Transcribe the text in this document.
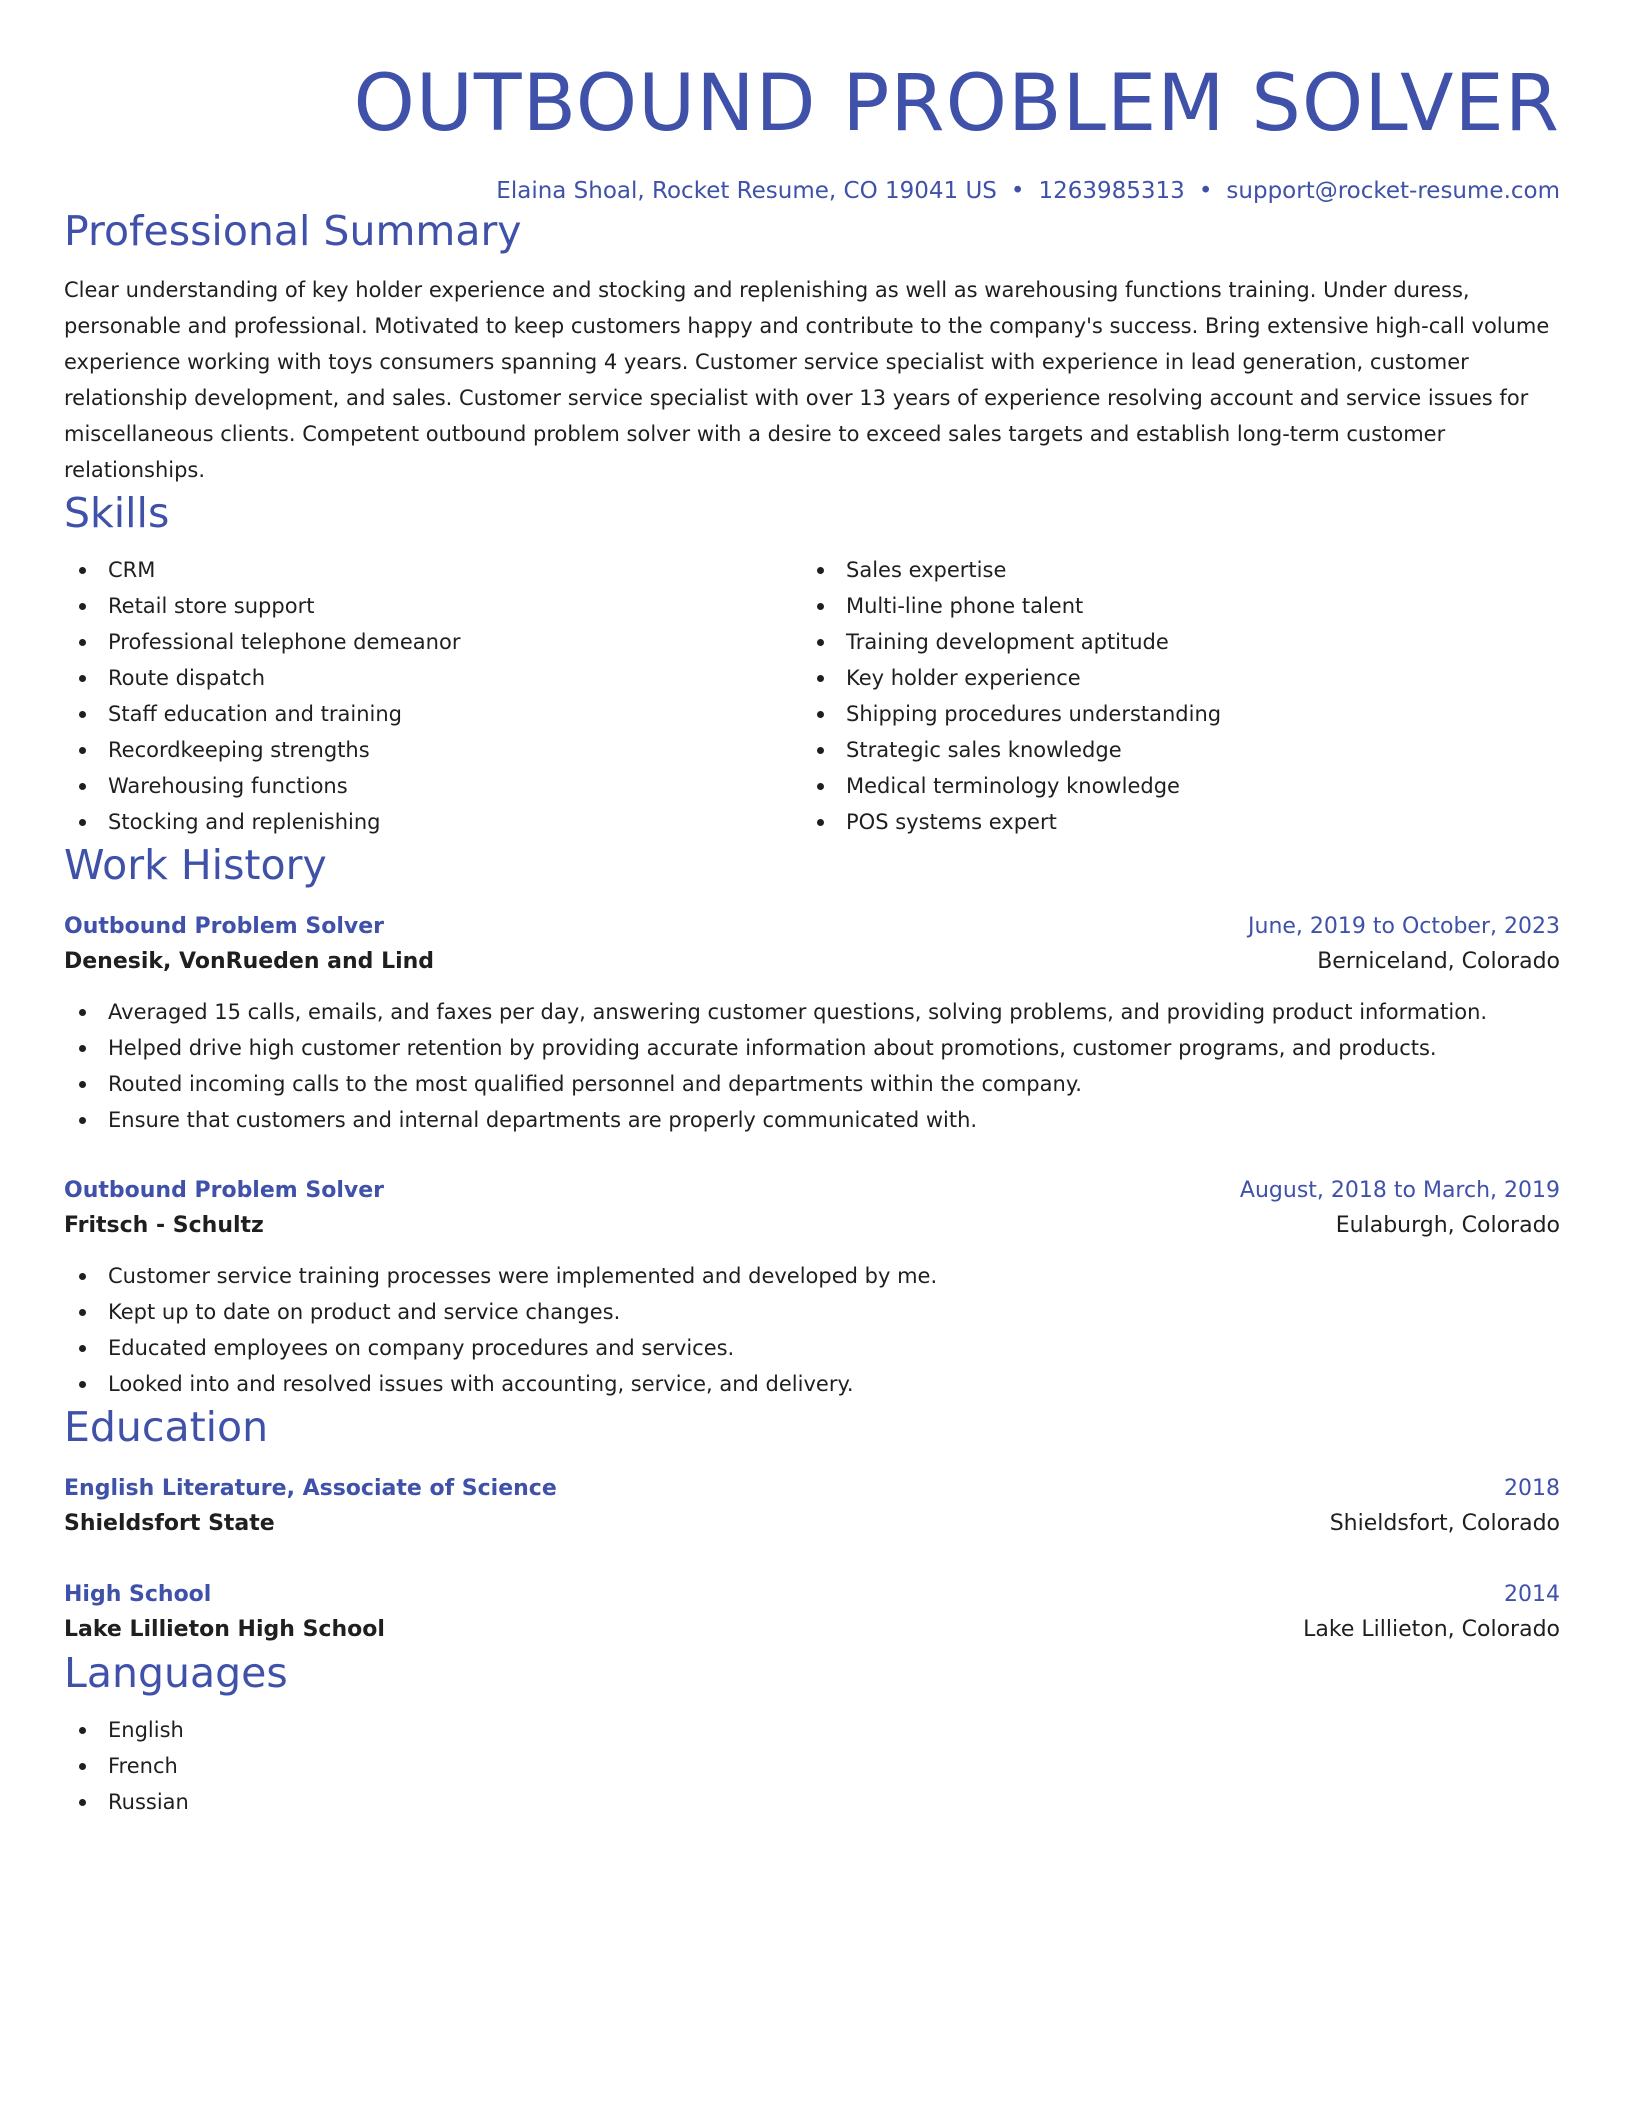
OUTBOUND PROBLEM SOLVER
Elaina Shoal, Rocket Resume, CO 19041 US • 1263985313 • support@rocket-resume.com
Professional Summary
Clear understanding of key holder experience and stocking and replenishing as well as warehousing functions training. Under duress, personable and professional. Motivated to keep customers happy and contribute to the company's success. Bring extensive high-call volume experience working with toys consumers spanning 4 years. Customer service specialist with experience in lead generation, customer relationship development, and sales. Customer service specialist with over 13 years of experience resolving account and service issues for miscellaneous clients. Competent outbound problem solver with a desire to exceed sales targets and establish long-term customer relationships.
Skills
CRM
Retail store support
Professional telephone demeanor
Route dispatch
Staff education and training
Recordkeeping strengths
Warehousing functions
Stocking and replenishing
Sales expertise
Multi-line phone talent
Training development aptitude
Key holder experience
Shipping procedures understanding
Strategic sales knowledge
Medical terminology knowledge
POS systems expert
Work History
Outbound Problem Solver	June, 2019 to October, 2023
Denesik, VonRueden and Lind	Berniceland, Colorado
Averaged 15 calls, emails, and faxes per day, answering customer questions, solving problems, and providing product information.
Helped drive high customer retention by providing accurate information about promotions, customer programs, and products.
Routed incoming calls to the most qualified personnel and departments within the company.
Ensure that customers and internal departments are properly communicated with.
Outbound Problem Solver	August, 2018 to March, 2019
Fritsch - Schultz	Eulaburgh, Colorado
Customer service training processes were implemented and developed by me.
Kept up to date on product and service changes.
Educated employees on company procedures and services.
Looked into and resolved issues with accounting, service, and delivery.
Education
English Literature, Associate of Science	2018
Shieldsfort State	Shieldsfort, Colorado
High School	2014
Lake Lillieton High School	Lake Lillieton, Colorado
Languages
English
French
Russian
